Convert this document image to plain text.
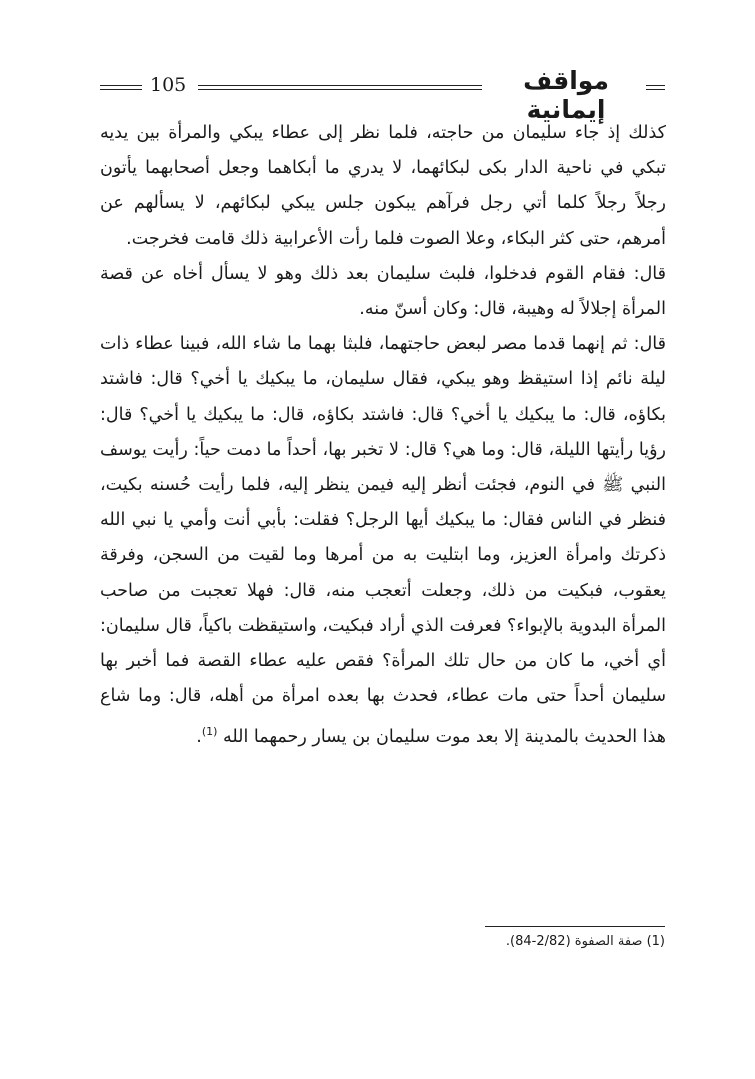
105	مواقف إيمانية

كذلك إذ جاء سليمان من حاجته، فلما نظر إلى عطاء يبكي والمرأة بين يديه تبكي في ناحية الدار بكى لبكائهما، لا يدري ما أبكاهما وجعل أصحابهما يأتون رجلاً رجلاً كلما أتي رجل فرآهم يبكون جلس يبكي لبكائهم، لا يسألهم عن أمرهم، حتى كثر البكاء، وعلا الصوت فلما رأت الأعرابية ذلك قامت فخرجت.

قال: فقام القوم فدخلوا، فلبث سليمان بعد ذلك وهو لا يسأل أخاه عن قصة المرأة إجلالاً له وهيبة، قال: وكان أسنّ منه.

قال: ثم إنهما قدما مصر لبعض حاجتهما، فلبثا بهما ما شاء الله، فبينا عطاء ذات ليلة نائم إذا استيقظ وهو يبكي، فقال سليمان، ما يبكيك يا أخي؟ قال: فاشتد بكاؤه، قال: ما يبكيك يا أخي؟ قال: فاشتد بكاؤه، قال: ما يبكيك يا أخي؟ قال: رؤيا رأيتها الليلة، قال: وما هي؟ قال: لا تخبر بها، أحداً ما دمت حياً: رأيت يوسف النبي ﷺ في النوم، فجئت أنظر إليه فيمن ينظر إليه، فلما رأيت حُسنه بكيت، فنظر في الناس فقال: ما يبكيك أيها الرجل؟ فقلت: بأبي أنت وأمي يا نبي الله ذكرتك وامرأة العزيز، وما ابتليت به من أمرها وما لقيت من السجن، وفرقة يعقوب، فبكيت من ذلك، وجعلت أتعجب منه، قال: فهلا تعجبت من صاحب المرأة البدوية بالإبواء؟ فعرفت الذي أراد فبكيت، واستيقظت باكياً، قال سليمان: أي أخي، ما كان من حال تلك المرأة؟ فقص عليه عطاء القصة فما أخبر بها سليمان أحداً حتى مات عطاء، فحدث بها بعده امرأة من أهله، قال: وما شاع هذا الحديث بالمدينة إلا بعد موت سليمان بن يسار رحمهما الله $^{(1)}$.

(1) صفة الصفوة (2/82-84).
